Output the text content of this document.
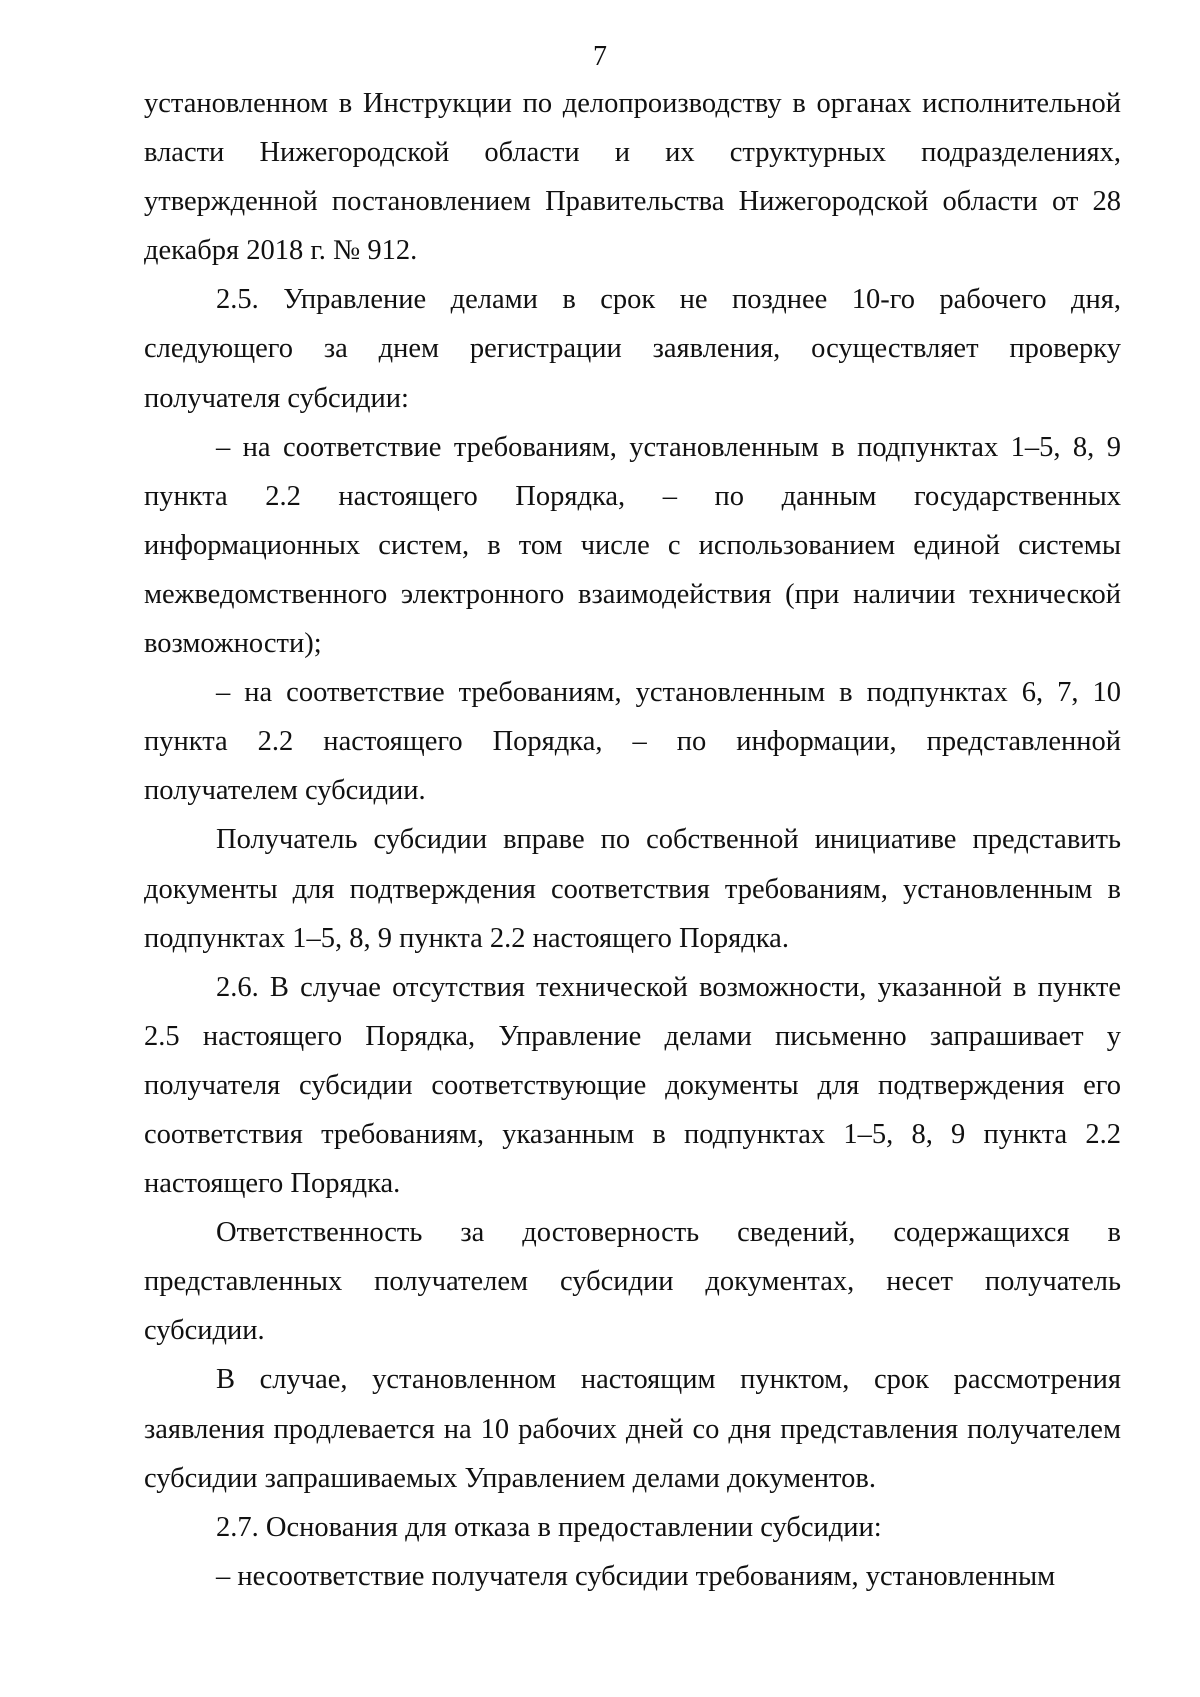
7

установленном в Инструкции по делопроизводству в органах исполнительной власти Нижегородской области и их структурных подразделениях, утвержденной постановлением Правительства Нижегородской области от 28 декабря 2018 г. № 912.

2.5. Управление делами в срок не позднее 10-го рабочего дня, следующего за днем регистрации заявления, осуществляет проверку получателя субсидии:

– на соответствие требованиям, установленным в подпунктах 1–5, 8, 9 пункта 2.2 настоящего Порядка, – по данным государственных информационных систем, в том числе с использованием единой системы межведомственного электронного взаимодействия (при наличии технической возможности);

– на соответствие требованиям, установленным в подпунктах 6, 7, 10 пункта 2.2 настоящего Порядка, – по информации, представленной получателем субсидии.

Получатель субсидии вправе по собственной инициативе представить документы для подтверждения соответствия требованиям, установленным в подпунктах 1–5, 8, 9 пункта 2.2 настоящего Порядка.

2.6. В случае отсутствия технической возможности, указанной в пункте 2.5 настоящего Порядка, Управление делами письменно запрашивает у получателя субсидии соответствующие документы для подтверждения его соответствия требованиям, указанным в подпунктах 1–5, 8, 9 пункта 2.2 настоящего Порядка.

Ответственность за достоверность сведений, содержащихся в представленных получателем субсидии документах, несет получатель субсидии.

В случае, установленном настоящим пунктом, срок рассмотрения заявления продлевается на 10 рабочих дней со дня представления получателем субсидии запрашиваемых Управлением делами документов.

2.7. Основания для отказа в предоставлении субсидии:

– несоответствие получателя субсидии требованиям, установленным
